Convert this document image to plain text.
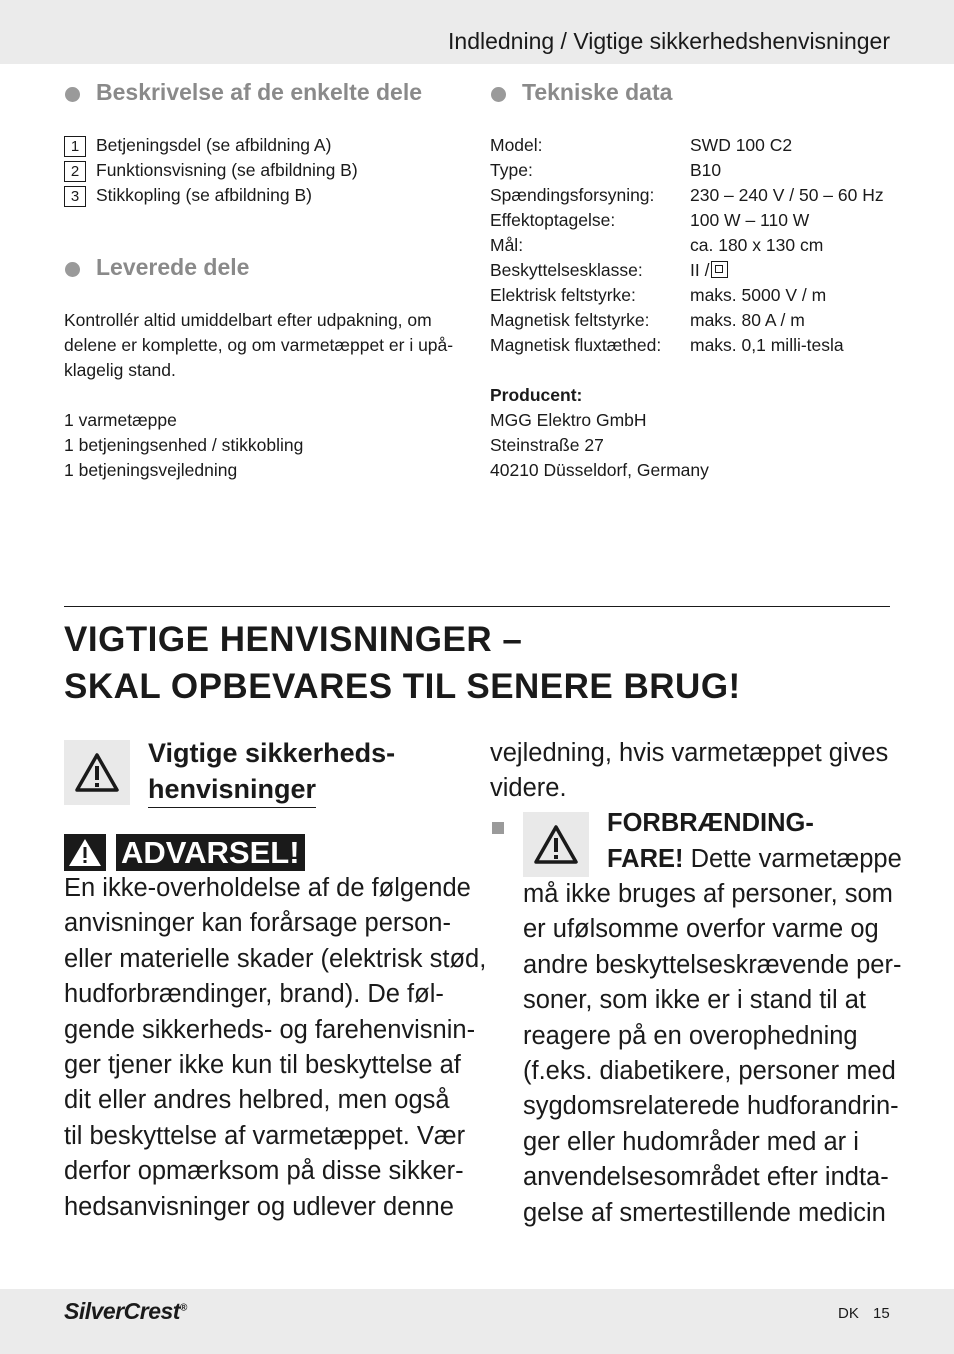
Indledning / Vigtige sikkerhedshenvisninger
Beskrivelse af de enkelte dele
1 Betjeningsdel (se afbildning A)
2 Funktionsvisning (se afbildning B)
3 Stikkopling (se afbildning B)
Leverede dele
Kontrollér altid umiddelbart efter udpakning, om
delene er komplette, og om varmetæppet er i upå-
klagelig stand.
1 varmetæppe
1 betjeningsenhed / stikkobling
1 betjeningsvejledning
Tekniske data
Model:
Type:
Spændingsforsyning:
Effektoptagelse:
Mål:
Beskyttelsesklasse:
Elektrisk feltstyrke:
Magnetisk feltstyrke:
Magnetisk fluxtæthed:
SWD 100 C2
B10
230 – 240 V / 50 – 60 Hz
100 W – 110 W
ca. 180 x 130 cm
II /
maks. 5000 V / m
maks. 80 A / m
maks. 0,1 milli-tesla
Producent:
MGG Elektro GmbH
Steinstraße 27
40210 Düsseldorf, Germany
VIGTIGE HENVISNINGER –
SKAL OPBEVARES TIL SENERE BRUG!
Vigtige sikkerheds-
henvisninger
ADVARSEL!
En ikke-overholdelse af de følgende
anvisninger kan forårsage person-
eller materielle skader (elektrisk stød,
hudforbrændinger, brand). De føl-
gende sikkerheds- og farehenvisnin-
ger tjener ikke kun til beskyttelse af
dit eller andres helbred, men også
til beskyttelse af varmetæppet. Vær
derfor opmærksom på disse sikker-
hedsanvisninger og udlever denne
vejledning, hvis varmetæppet gives
videre.
FORBRÆNDING-
FARE! Dette varmetæppe
må ikke bruges af personer, som
er ufølsomme overfor varme og
andre beskyttelseskrævende per-
soner, som ikke er i stand til at
reagere på en overophedning
(f.eks. diabetikere, personer med
sygdomsrelaterede hudforandrin-
ger eller hudområder med ar i
anvendelsesområdet efter indta-
gelse af smertestillende medicin
SilverCrest®	DK 15
